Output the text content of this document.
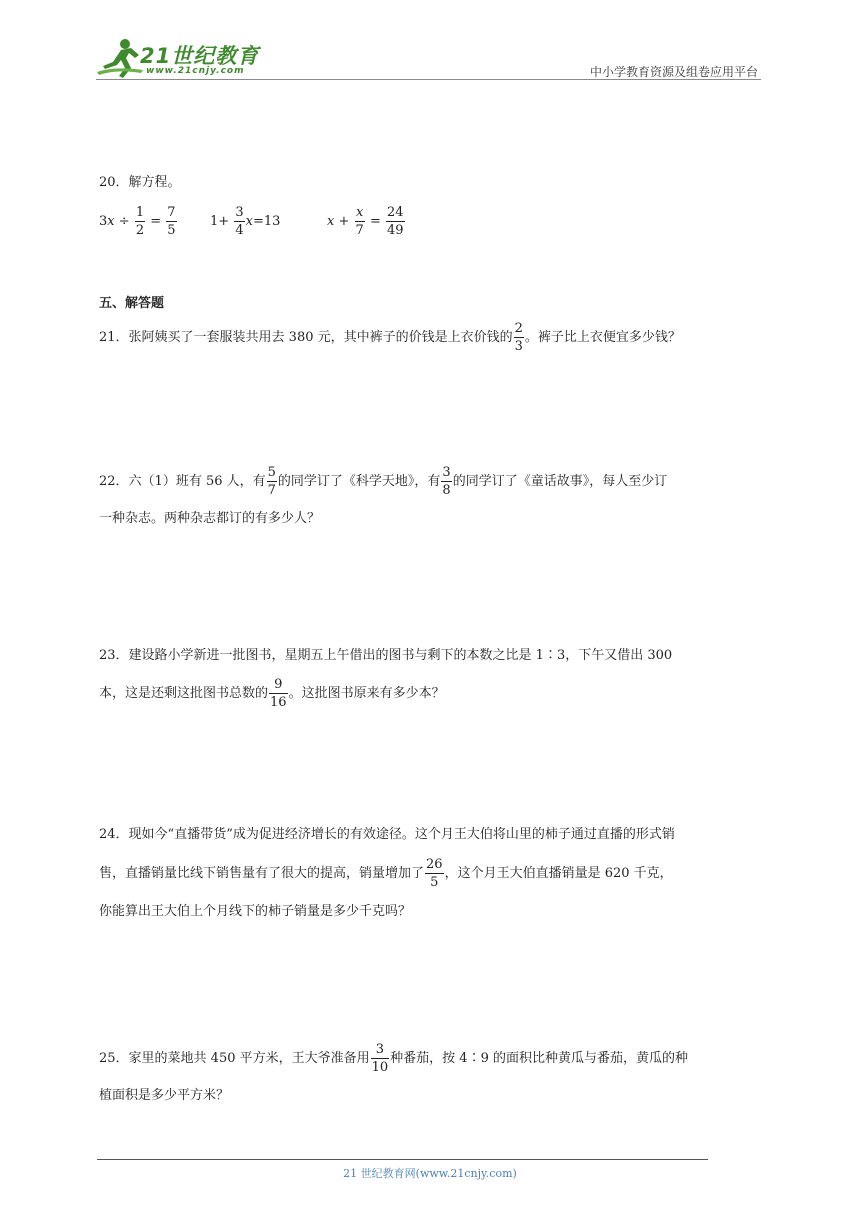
21世纪教育
www.21cnjy.com	中小学教育资源及组卷应用平台
20．解方程。
$3x \div \frac{1}{2} = \frac{7}{5}$	$1+ \frac{3}{4} x=13$	$x + \frac{x}{7} = \frac{24}{49}$
五、解答题
21．张阿姨买了一套服装共用去 380 元，其中裤子的价钱是上衣价钱的 $\frac{2}{3}$ 。裤子比上衣便宜多少钱？
22．六（1）班有 56 人，有 $\frac{5}{7}$ 的同学订了《科学天地》，有 $\frac{3}{8}$ 的同学订了《童话故事》，每人至少订
一种杂志。两种杂志都订的有多少人？
23．建设路小学新进一批图书，星期五上午借出的图书与剩下的本数之比是 1∶3，下午又借出 300
本，这是还剩这批图书总数的 $\frac{9}{16}$ 。这批图书原来有多少本？
24．现如今“直播带货”成为促进经济增长的有效途径。这个月王大伯将山里的柿子通过直播的形式销
售，直播销量比线下销售量有了很大的提高，销量增加了 $\frac{26}{5}$ ，这个月王大伯直播销量是 620 千克，
你能算出王大伯上个月线下的柿子销量是多少千克吗？
25．家里的菜地共 450 平方米，王大爷准备用 $\frac{3}{10}$ 种番茄，按 4∶9 的面积比种黄瓜与番茄，黄瓜的种
植面积是多少平方米？
21 世纪教育网(www.21cnjy.com)
